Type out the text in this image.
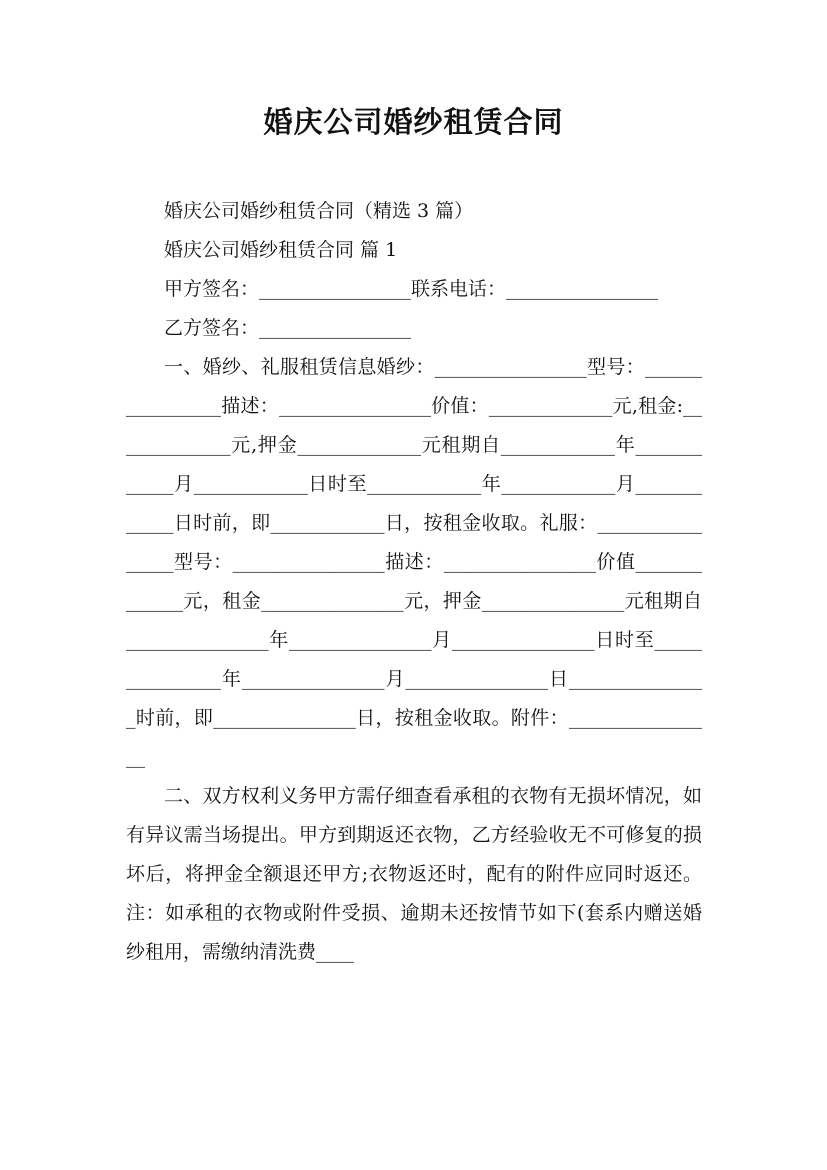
婚庆公司婚纱租赁合同

婚庆公司婚纱租赁合同（精选 3 篇）

婚庆公司婚纱租赁合同 篇 1

甲方签名：________________联系电话：________________

乙方签名：________________

一、婚纱、礼服租赁信息婚纱：________________型号：________________描述：________________价值：_____________元,租金:_____________元,押金_____________元租期自____________年____________月____________日时至____________年____________月____________日时前，即____________日，按租金收取。礼服：________________型号：________________描述：________________价值_____________元，租金_______________元，押金_______________元租期自_______________年_______________月_______________日时至_______________年_______________月_______________日_______________时前，即_______________日，按租金收取。附件：________________

二、双方权利义务甲方需仔细查看承租的衣物有无损坏情况，如有异议需当场提出。甲方到期返还衣物，乙方经验收无不可修复的损坏后，将押金全额退还甲方;衣物返还时，配有的附件应同时返还。注：如承租的衣物或附件受损、逾期未还按情节如下(套系内赠送婚纱租用，需缴纳清洗费____
